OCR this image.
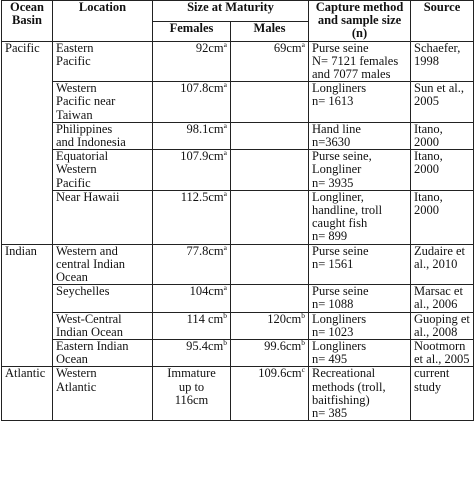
Ocean
Basin	Location	Size at Maturity		Capture method
and sample size
(n)	Source
		Females	Males		
Pacific	Eastern
Pacific	$92cm^a$	$69cm^a$	Purse seine
N= 7121 females
and 7077 males	Schaefer,
1998

	Western
Pacific near
Taiwan	$107.8cm^a$		Longliners
n= 1613	Sun et al.,
2005

	Philippines
and Indonesia	$98.1cm^a$		Hand line
n=3630	Itano, 2000

	Equatorial
Western
Pacific	$107.9cm^a$		Purse seine,
Longliner
n= 3935	Itano, 2000

	Near Hawaii	$112.5cm^a$		Longliner,
handline, troll
caught fish
n= 899	Itano, 2000

Indian	Western and
central Indian
Ocean	$77.8cm^a$		Purse seine
n= 1561	Zudaire et
al., 2010

	Seychelles	$104cm^a$		Purse seine
n= 1088	Marsac et
al., 2006

	West-Central
Indian Ocean	114 $cm^b$	$120cm^b$	Longliners
n= 1023	Guoping et
al., 2008

	Eastern Indian
Ocean	$95.4cm^b$	$99.6cm^b$	Longliners
n= 495	Nootmorn
et al., 2005

Atlantic	Western
Atlantic	Immature
up to
116cm	$109.6cm^c$	Recreational
methods (troll,
baitfishing)
n= 385	current
study
